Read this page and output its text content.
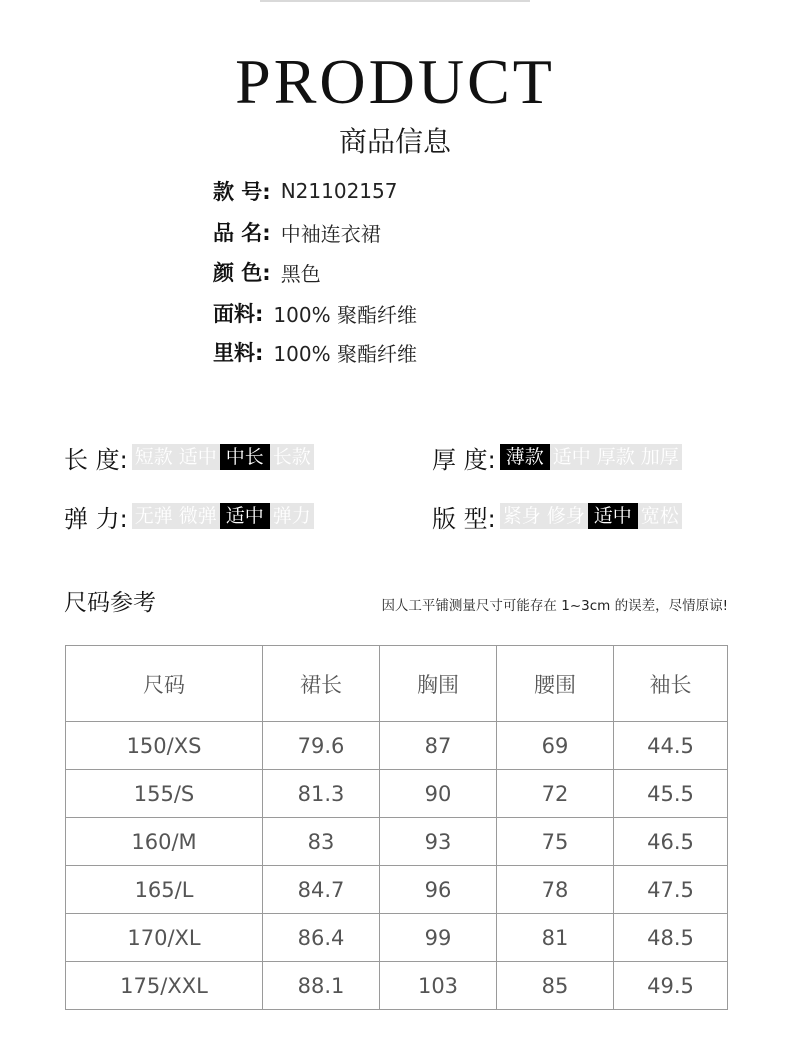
PRODUCT
商品信息
款 号: N21102157
品 名: 中袖连衣裙
颜 色: 黑色
面料: 100% 聚酯纤维
里料: 100% 聚酯纤维
长 度: 短款 适中 中长 长款	厚 度: 薄款 适中 厚款 加厚
弹 力: 无弹 微弹 适中 弹力	版 型: 紧身 修身 适中 宽松
尺码参考	因人工平铺测量尺寸可能存在 1~3cm 的误差，尽情原谅!
尺码	裙长	胸围	腰围	袖长
150/XS	79.6	87	69	44.5
155/S	81.3	90	72	45.5
160/M	83	93	75	46.5
165/L	84.7	96	78	47.5
170/XL	86.4	99	81	48.5
175/XXL	88.1	103	85	49.5
